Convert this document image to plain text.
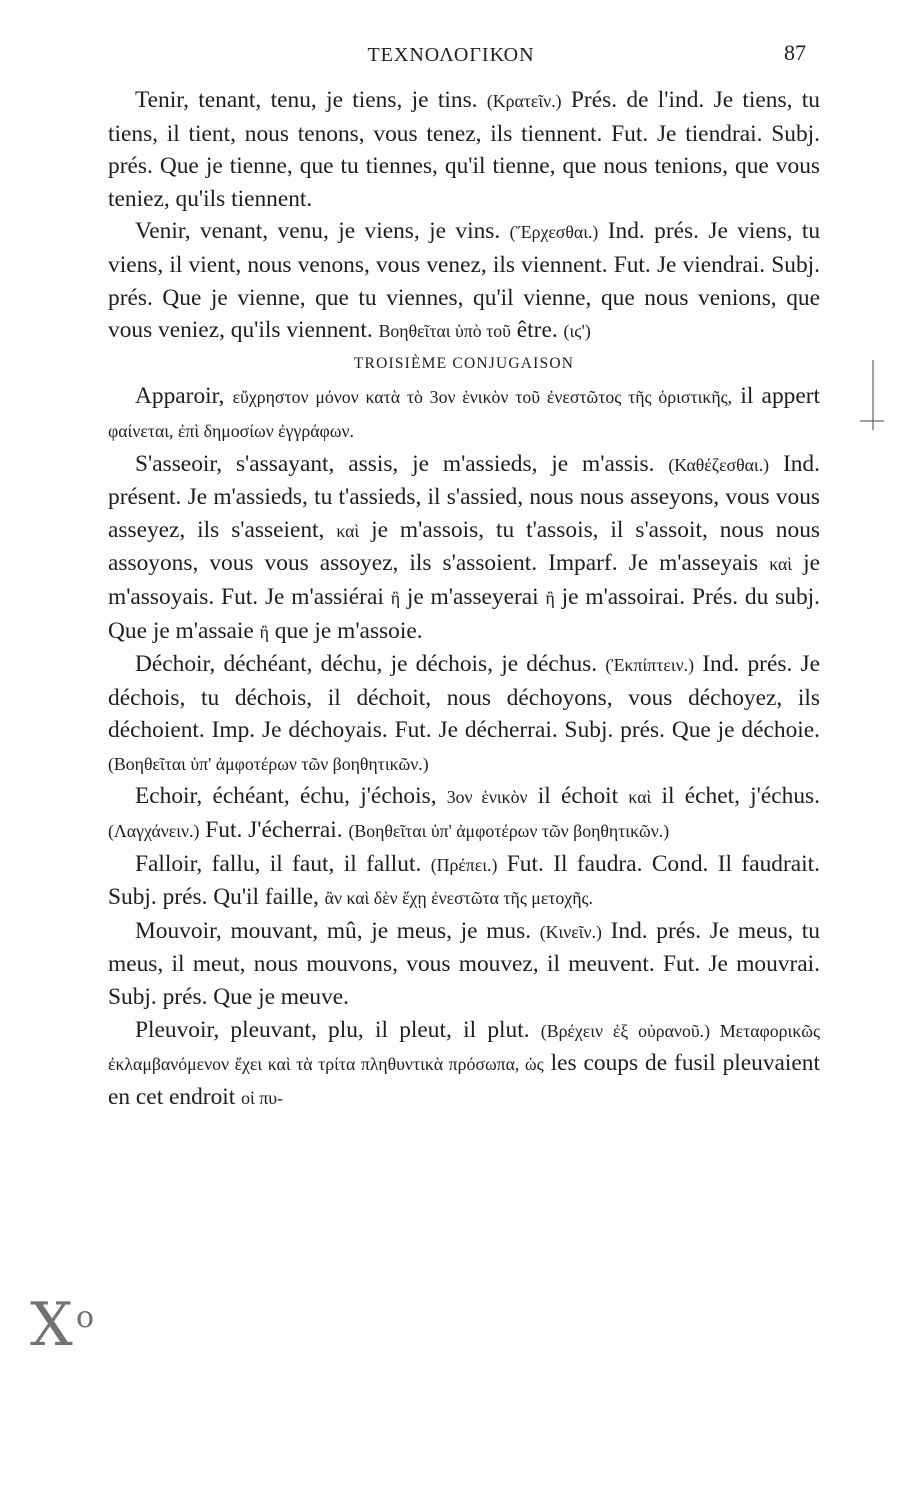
ΤΕΧΝΟΛΟΓΙΚΟΝ	87

Tenir, tenant, tenu, je tiens, je tins. (Κρατεῖν.) Prés. de l'ind. Je tiens, tu tiens, il tient, nous tenons, vous tenez, ils tiennent. Fut. Je tiendrai. Subj. prés. Que je tienne, que tu tiennes, qu'il tienne, que nous tenions, que vous teniez, qu'ils tiennent.

Venir, venant, venu, je viens, je vins. (Ἔρχεσθαι.) Ind. prés. Je viens, tu viens, il vient, nous venons, vous venez, ils viennent. Fut. Je viendrai. Subj. prés. Que je vienne, que tu viennes, qu'il vienne, que nous venions, que vous veniez, qu'ils viennent. Βοηθεῖται ὑπὸ τοῦ être. (ιϛ')

TROISIÈME CONJUGAISON

Apparoir, εὔχρηστον μόνον κατὰ τὸ 3ον ἑνικὸν τοῦ ἐνεστῶτος τῆς ὁριστικῆς, il appert φαίνεται, ἐπὶ δημοσίων ἐγγράφων.

S'asseoir, s'assayant, assis, je m'assieds, je m'assis. (Καθέζεσθαι.) Ind. présent. Je m'assieds, tu t'assieds, il s'assied, nous nous asseyons, vous vous asseyez, ils s'asseient, καὶ je m'assois, tu t'assois, il s'assoit, nous nous assoyons, vous vous assoyez, ils s'assoient. Imparf. Je m'asseyais καὶ je m'assoyais. Fut. Je m'assiérai ἢ je m'asseyerai ἢ je m'assoirai. Prés. du subj. Que je m'assaie ἢ que je m'assoie.

Déchoir, déchéant, déchu, je déchois, je déchus. (Ἐκπίπτειν.) Ind. prés. Je déchois, tu déchois, il déchoit, nous déchoyons, vous déchoyez, ils déchoient. Imp. Je déchoyais. Fut. Je décherrai. Subj. prés. Que je déchoie. (Βοηθεῖται ὑπ' ἀμφοτέρων τῶν βοηθητικῶν.)

Echoir, échéant, échu, j'échois, 3ον ἑνικὸν il échoit καὶ il échet, j'échus. (Λαγχάνειν.) Fut. J'écherrai. (Βοηθεῖται ὑπ' ἀμφοτέρων τῶν βοηθητικῶν.)

Falloir, fallu, il faut, il fallut. (Πρέπει.) Fut. Il faudra. Cond. Il faudrait. Subj. prés. Qu'il faille, ἂν καὶ δὲν ἔχῃ ἐνεστῶτα τῆς μετοχῆς.

Mouvoir, mouvant, mû, je meus, je mus. (Κινεῖν.) Ind. prés. Je meus, tu meus, il meut, nous mouvons, vous mouvez, il meuvent. Fut. Je mouvrai. Subj. prés. Que je meuve.

Pleuvoir, pleuvant, plu, il pleut, il plut. (Βρέχειν ἐξ οὐρανοῦ.) Μεταφορικῶς ἐκλαμβανόμενον ἔχει καὶ τὰ τρίτα πληθυντικὰ πρόσωπα, ὡς les coups de fusil pleuvaient en cet endroit οἱ πυ-

Χ ο
